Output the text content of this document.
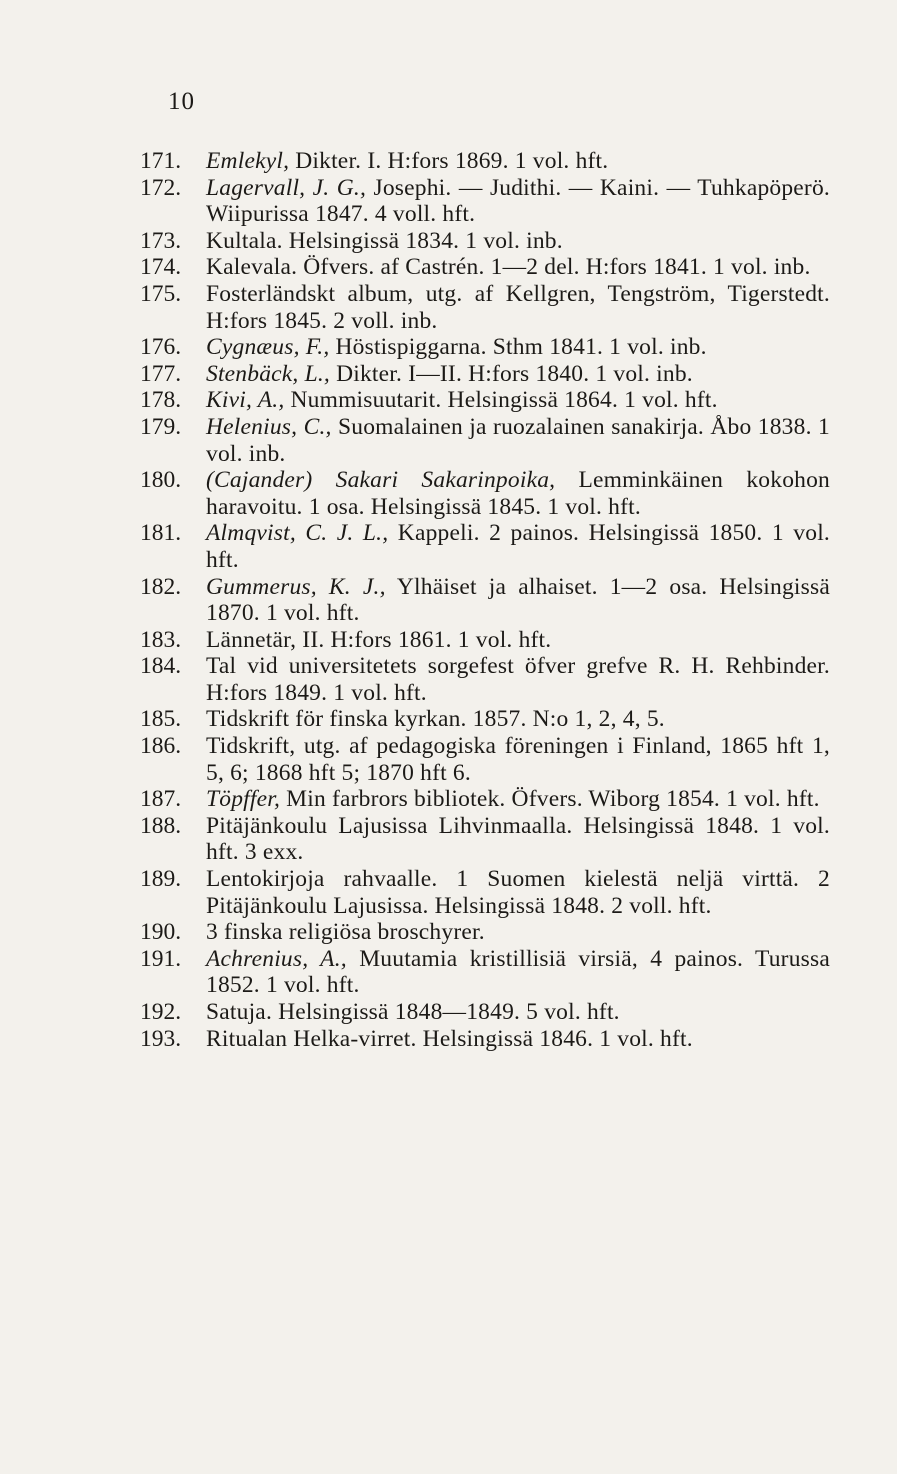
10
171.	Emlekyl, Dikter. I. H:fors 1869. 1 vol. hft.
172.	Lagervall, J. G., Josephi. — Judithi. — Kaini. — Tuhkapöperö. Wiipurissa 1847. 4 voll. hft.
173.	Kultala. Helsingissä 1834. 1 vol. inb.
174.	Kalevala. Öfvers. af Castrén. 1—2 del. H:fors 1841. 1 vol. inb.
175.	Fosterländskt album, utg. af Kellgren, Tengström, Tigerstedt. H:fors 1845. 2 voll. inb.
176.	Cygnæus, F., Höstispiggarna. Sthm 1841. 1 vol. inb.
177.	Stenbäck, L., Dikter. I—II. H:fors 1840. 1 vol. inb.
178.	Kivi, A., Nummisuutarit. Helsingissä 1864. 1 vol. hft.
179.	Helenius, C., Suomalainen ja ruozalainen sanakirja. Åbo 1838. 1 vol. inb.
180.	(Cajander) Sakari Sakarinpoika, Lemminkäinen kokohon haravoitu. 1 osa. Helsingissä 1845. 1 vol. hft.
181.	Almqvist, C. J. L., Kappeli. 2 painos. Helsingissä 1850. 1 vol. hft.
182.	Gummerus, K. J., Ylhäiset ja alhaiset. 1—2 osa. Helsingissä 1870. 1 vol. hft.
183.	Lännetär, II. H:fors 1861. 1 vol. hft.
184.	Tal vid universitetets sorgefest öfver grefve R. H. Rehbinder. H:fors 1849. 1 vol. hft.
185.	Tidskrift för finska kyrkan. 1857. N:o 1, 2, 4, 5.
186.	Tidskrift, utg. af pedagogiska föreningen i Finland, 1865 hft 1, 5, 6; 1868 hft 5; 1870 hft 6.
187.	Töpffer, Min farbrors bibliotek. Öfvers. Wiborg 1854. 1 vol. hft.
188.	Pitäjänkoulu Lajusissa Lihvinmaalla. Helsingissä 1848. 1 vol. hft. 3 exx.
189.	Lentokirjoja rahvaalle. 1 Suomen kielestä neljä virttä. 2 Pitäjänkoulu Lajusissa. Helsingissä 1848. 2 voll. hft.
190.	3 finska religiösa broschyrer.
191.	Achrenius, A., Muutamia kristillisiä virsiä, 4 painos. Turussa 1852. 1 vol. hft.
192.	Satuja. Helsingissä 1848—1849. 5 vol. hft.
193.	Ritualan Helka-virret. Helsingissä 1846. 1 vol. hft.
